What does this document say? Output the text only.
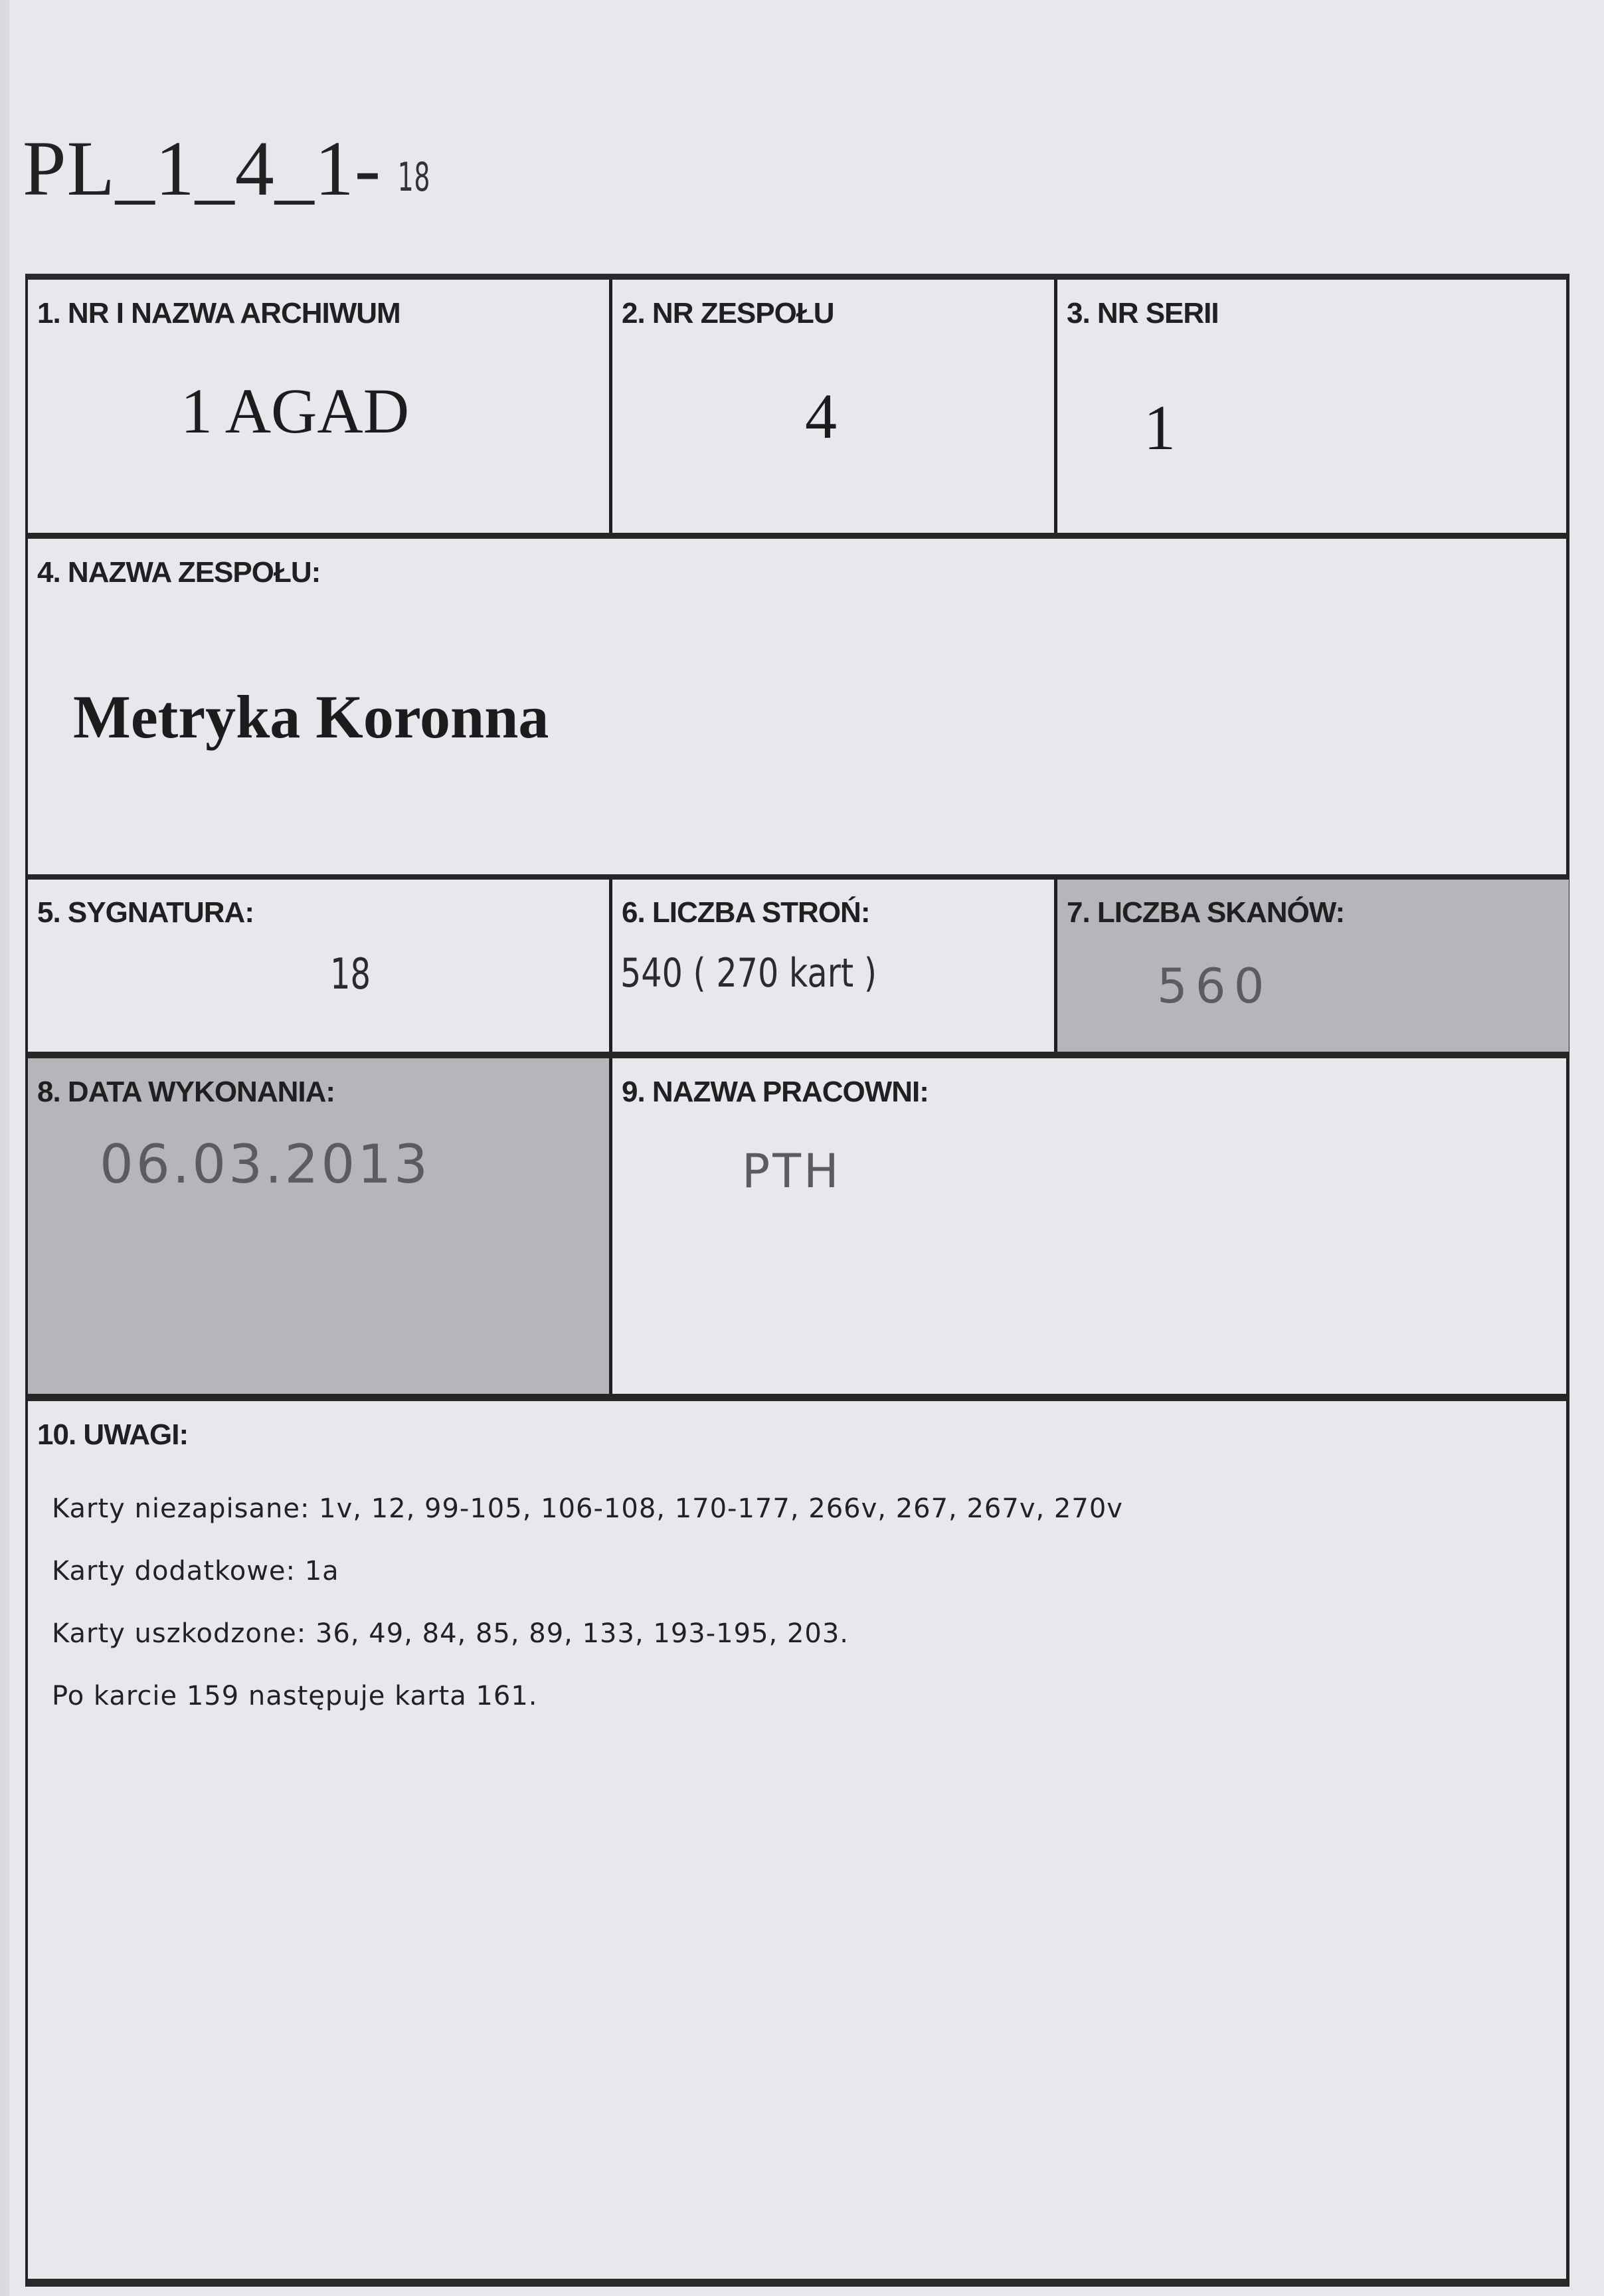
PL_1_4_1- 18
1. NR I NAZWA ARCHIWUM
1 AGAD
2. NR ZESPOŁU
4
3. NR SERII
1
4. NAZWA ZESPOŁU:
Metryka Koronna
5. SYGNATURA:
18
6. LICZBA STROŃ:
540 ( 270 kart )
7. LICZBA SKANÓW:
560
8. DATA WYKONANIA:
06.03.2013
9. NAZWA PRACOWNI:
PTH
10. UWAGI:
Karty niezapisane: 1v, 12, 99-105, 106-108, 170-177, 266v, 267, 267v, 270v
Karty dodatkowe: 1a
Karty uszkodzone: 36, 49, 84, 85, 89, 133, 193-195, 203.
Po karcie 159 następuje karta 161.
